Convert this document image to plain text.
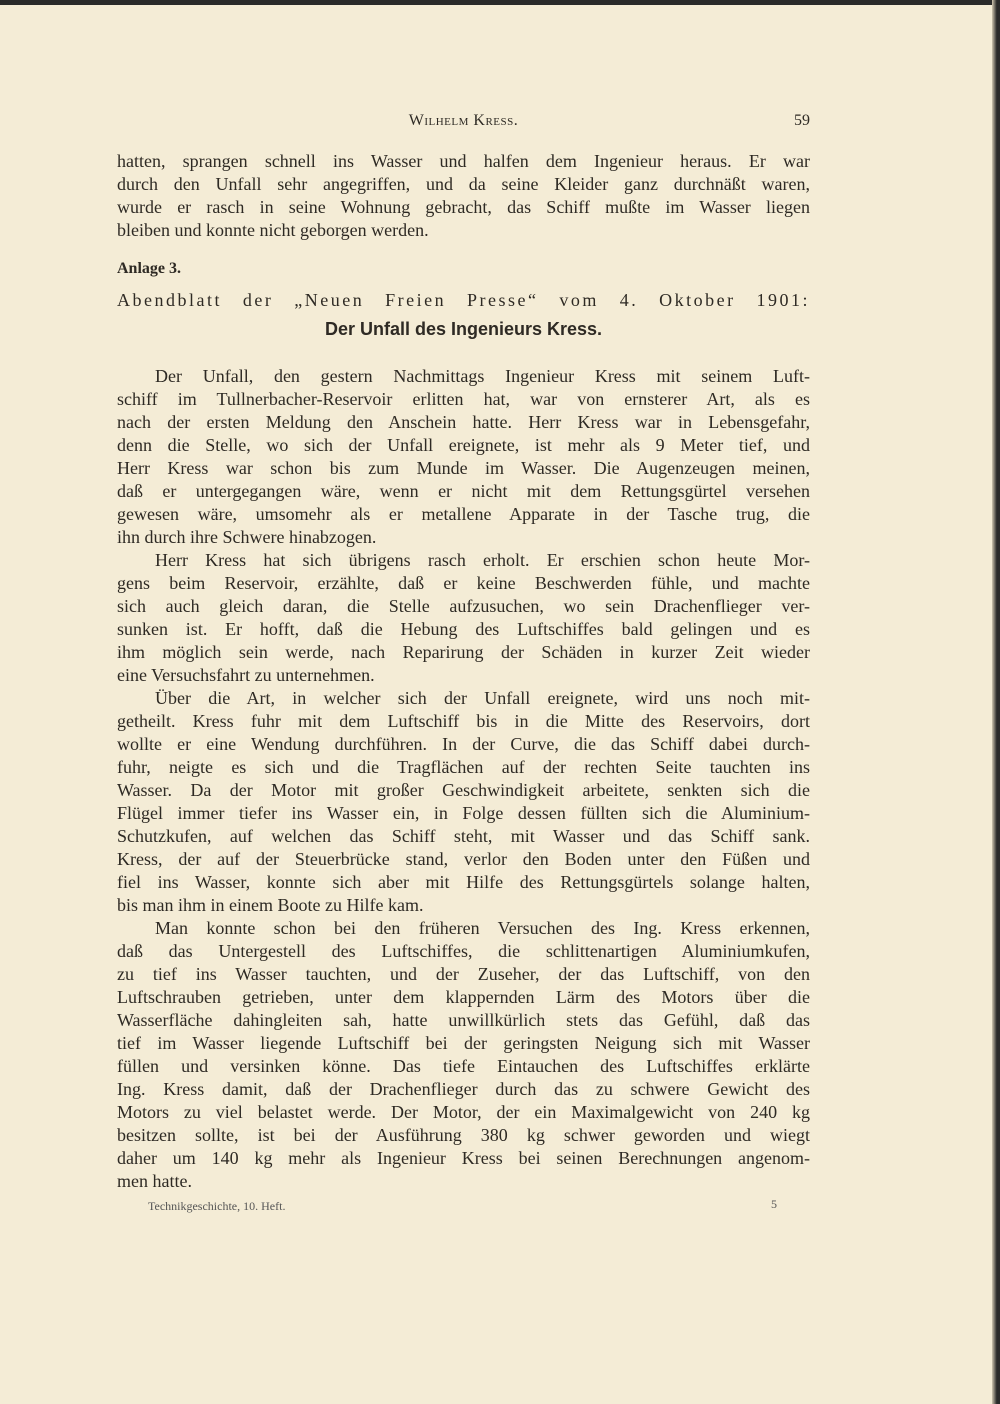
Wilhelm Kress.	59
hatten, sprangen schnell ins Wasser und halfen dem Ingenieur heraus. Er war
durch den Unfall sehr angegriffen, und da seine Kleider ganz durchnäßt waren,
wurde er rasch in seine Wohnung gebracht, das Schiff mußte im Wasser liegen
bleiben und konnte nicht geborgen werden.
Anlage 3.
Abendblatt der „Neuen Freien Presse“ vom 4. Oktober 1901:
Der Unfall des Ingenieurs Kress.
Der Unfall, den gestern Nachmittags Ingenieur Kress mit seinem Luft-
schiff im Tullnerbacher-Reservoir erlitten hat, war von ernsterer Art, als es
nach der ersten Meldung den Anschein hatte. Herr Kress war in Lebensgefahr,
denn die Stelle, wo sich der Unfall ereignete, ist mehr als 9 Meter tief, und
Herr Kress war schon bis zum Munde im Wasser. Die Augenzeugen meinen,
daß er untergegangen wäre, wenn er nicht mit dem Rettungsgürtel versehen
gewesen wäre, umsomehr als er metallene Apparate in der Tasche trug, die
ihn durch ihre Schwere hinabzogen.
Herr Kress hat sich übrigens rasch erholt. Er erschien schon heute Mor-
gens beim Reservoir, erzählte, daß er keine Beschwerden fühle, und machte
sich auch gleich daran, die Stelle aufzusuchen, wo sein Drachenflieger ver-
sunken ist. Er hofft, daß die Hebung des Luftschiffes bald gelingen und es
ihm möglich sein werde, nach Reparirung der Schäden in kurzer Zeit wieder
eine Versuchsfahrt zu unternehmen.
Über die Art, in welcher sich der Unfall ereignete, wird uns noch mit-
getheilt. Kress fuhr mit dem Luftschiff bis in die Mitte des Reservoirs, dort
wollte er eine Wendung durchführen. In der Curve, die das Schiff dabei durch-
fuhr, neigte es sich und die Tragflächen auf der rechten Seite tauchten ins
Wasser. Da der Motor mit großer Geschwindigkeit arbeitete, senkten sich die
Flügel immer tiefer ins Wasser ein, in Folge dessen füllten sich die Aluminium-
Schutzkufen, auf welchen das Schiff steht, mit Wasser und das Schiff sank.
Kress, der auf der Steuerbrücke stand, verlor den Boden unter den Füßen und
fiel ins Wasser, konnte sich aber mit Hilfe des Rettungsgürtels solange halten,
bis man ihm in einem Boote zu Hilfe kam.
Man konnte schon bei den früheren Versuchen des Ing. Kress erkennen,
daß das Untergestell des Luftschiffes, die schlittenartigen Aluminiumkufen,
zu tief ins Wasser tauchten, und der Zuseher, der das Luftschiff, von den
Luftschrauben getrieben, unter dem klappernden Lärm des Motors über die
Wasserfläche dahingleiten sah, hatte unwillkürlich stets das Gefühl, daß das
tief im Wasser liegende Luftschiff bei der geringsten Neigung sich mit Wasser
füllen und versinken könne. Das tiefe Eintauchen des Luftschiffes erklärte
Ing. Kress damit, daß der Drachenflieger durch das zu schwere Gewicht des
Motors zu viel belastet werde. Der Motor, der ein Maximalgewicht von 240 kg
besitzen sollte, ist bei der Ausführung 380 kg schwer geworden und wiegt
daher um 140 kg mehr als Ingenieur Kress bei seinen Berechnungen angenom-
men hatte.
Technikgeschichte, 10. Heft.	5
